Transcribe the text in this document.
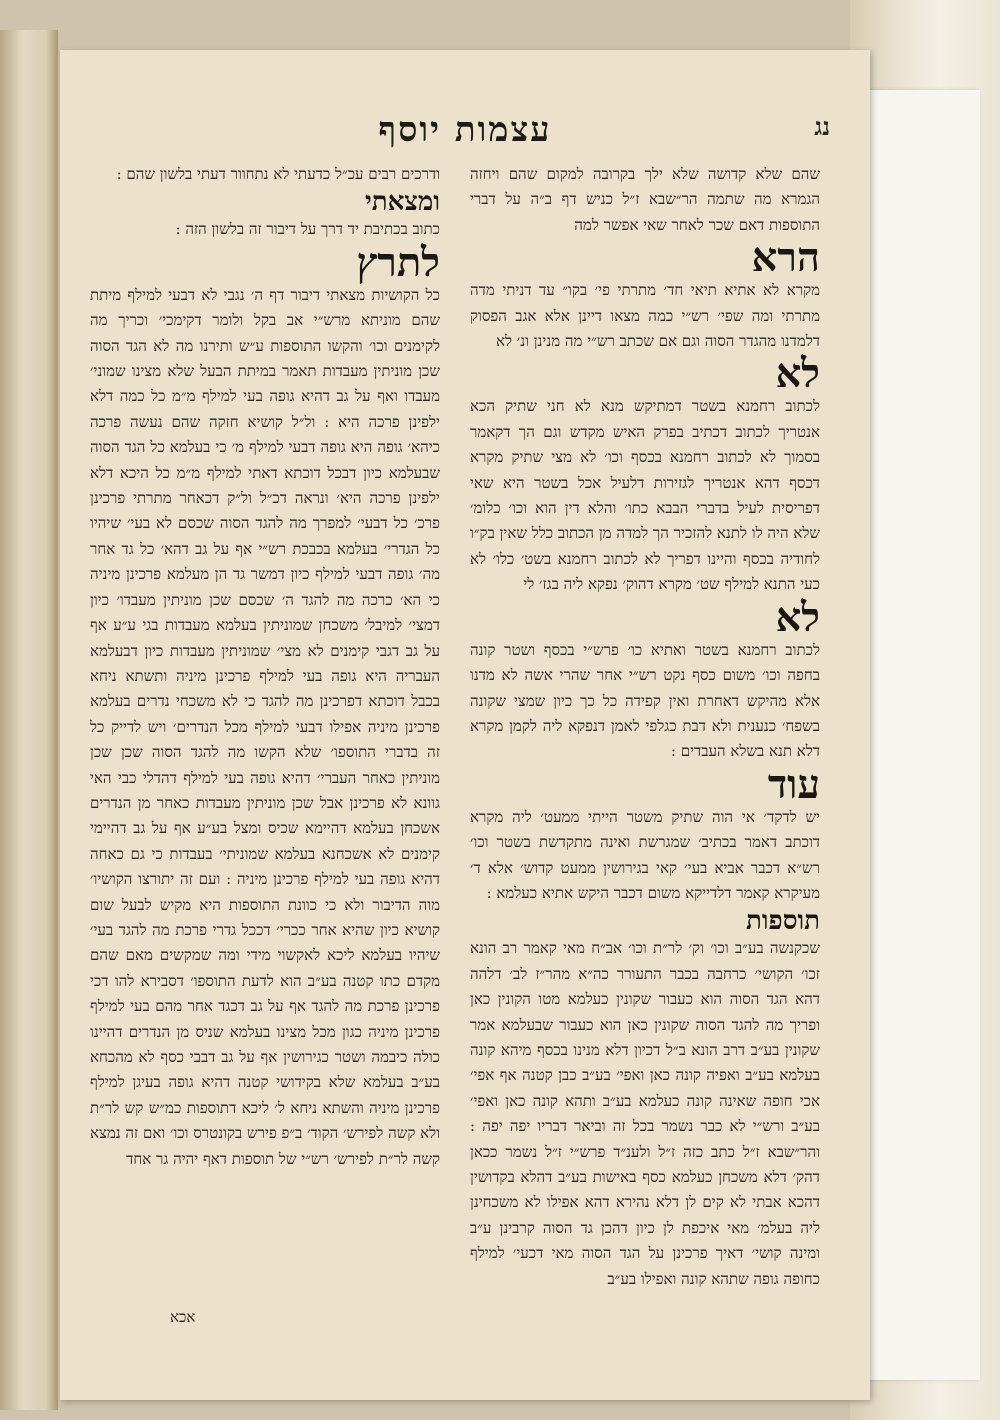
נג
עצמות יוסף

שהם שלא קדושה שלא ילך בקרובה למקום שהם ויחזה הגמרא מה שתמה הר״שבא ז״ל כניש דף ב״ה על דברי התוספות דאם שכר לאחר שאי אפשר למה

הרא

מקרא לא אתיא תיאי חד׳ מתרתי פי׳ בקו״ עד דניתי מדה מתרתי ומה שפי׳ רש״י כמה מצאו דיינן אלא אגב הפסוק דלמדנו מהגדר הסוה וגם אם שכתב רש״י מה מנינן ונ׳ לא

לא

לכתוב רחמנא בשטר דמתיקש מנא לא חני שתיק הכא אנטריך לכתוב דכתיב בפרק האיש מקדש וגם הך דקאמר בסמוך לא לכתוב רחמנא בכסף וכו׳ לא מצי שתיק מקרא דכסף דהא אנטריך לגזירות דלעיל אכל בשטר היא שאי דפריסית לעיל בדברי הבבא כתו׳ והלא דין הוא וכו׳ כלומ׳ שלא היה לו לתנא להזכיר הך למדה מן הכתוב כלל שאין בק״ו לחודיה בכסף והיינו דפריך לא לכתוב רחמנא בשט׳ כלו׳ לא כעי התנא למילף שט׳ מקרא דהוק׳ נפקא ליה בגז׳ לי

לא

לכתוב רחמנא בשטר ואתיא כו׳ פרש״י בכסף ושטר קונה בחפה וכו׳ משום כסף נקט רש״י אחר שהרי אשה לא מדנו אלא מהיקש דאחרת ואין קפידה כל כך כיון שמצי שקונה בשפח׳ כנענית ולא דבת כגלפי לאמן דנפקא ליה לקמן מקרא דלא תנא בשלא העבדים :

עוד

יש לדקד׳ אי הוה שתיק משטר הייתי ממעט׳ ליה מקרא דוכתב דאמר בכתיב׳ שמגרשת ואינה מתקדשת בשטר וכו׳ רש״א דכבר אביא בעי׳ קאי בגירושין ממעט קדוש׳ אלא ד׳ מעיקרא קאמר דלדייקא משום דכבר היקש אתיא כעלמא :

תוספות

שכקנשה בע״ב וכו׳ וק׳ לר״ת וכו׳ אב״ח מאי קאמר רב הונא זכו׳ הקושי׳ כרחבה בכבר התעורר כה״א מהר״ז לב׳ דלהה דהא הגד הסוה הוא כעבור שקונין כעלמא מטו הקונין כאן ופריך מה להגד הסוה שקונין כאן הוא כעבור שבעלמא אמר שקונין בע״ב דרב הונא ב״ל דכיון דלא מנינו בכסף מיהא קונה בעלמא בע״ב ואפיה קונה כאן ואפי׳ בע״ב כבן קטנה אף אפי׳ אכי חופה שאינה קונה כעלמא בע״ב ותהא קונה כאן ואפי׳ בע״ב ורש״י לא כבר נשמר בכל זה וביאר דבריו יפה יפה : והר״שבא ז״ל כתב כזה ז״ל ולענ״ד פרש״י ז״ל נשמר ככאן דהק׳ דלא משכחן כעלמא כסף באישות בע״ב דהלא בקדושין דהכא אבתי לא קים לן דלא נהירא דהא אפילו לא משכחינן ליה בעלמ׳ מאי איכפת לן כיון דהכן גד הסוה קרבינן ע״ב ומינה קושי׳ דאיך פרכינן על הגד הסוה מאי דכעי׳ למילף כחופה גופה שתהא קונה ואפילו בע״ב

ודרכים רבים עכ״ל כדעתי לא נתחוור דעתי בלשון שהם :

ומצאתי

כתוב בכתיבת יד דרך על דיבור זה בלשון הזה :

לתרץ

כל הקושיות מצאתי דיבור דף ה׳ נגבי לא דבעי למילף מיתת שהם מוניתא מרש״י אב בקל ולומר דקימכי׳ וכריך מה לקימנים וכו׳ והקשו התוספות ע״ש ותירנו מה לא הגד הסוה שכן מוניתין מעבדות תאמר במיתת הבעל שלא מצינו שמוני׳ מעבדו ואף על גב דהיא גופה בעי למילף מ״מ כל כמה דלא ילפינן פרכה היא : ול״ל קושיא חזקה שהם נעשה פרכה כיהא׳ גופה היא גופה דבעי למילף מ׳ כי בעלמא כל הגד הסוה שבעלמא כיון דבכל דוכתא דאתי למילף מ״מ כל היכא דלא ילפינן פרכה היא׳ ונראה דכ״ל ול״ק דכאחר מתרתי פרכינן פרכ׳ כל דבעי׳ למפרך מה להגד הסוה שכסם לא בעי׳ שיהיו כל הגדרי׳ בעלמא בכבכת רש״י אף על גב דהא׳ כל גד אחר מה׳ גופה דבעי למילף כיון דמשר גד הן מעלמא פרכינן מיניה כי הא׳ כרכה מה להגד ה׳ שכסם שכן מוניתין מעבדו׳ כיון דמצי׳ למיבל׳ משכחן שמוניתין בעלמא מעבדות בגי ע״ע אף על גב דגבי קימנים לא מצי׳ שמוניתין מעבדות כיון דבעלמא העבריה היא גופה בעי למילף פרכינן מיניה ותשתא ניחא בכבל דוכתא דפרכינן מה להגד כי לא משכחי נדרים בעלמא פרכינן מיניה אפילו דבעי למילף מכל הנדרים׳ ויש לדייק כל זה בדברי התוספו׳ שלא הקשו מה להגד הסוה שכן שכן מוניתין כאחר העברי׳ דהיא גופה בעי למילף דהדלי כבי האי גוונא לא פרכינן אבל שכן מוניתין מעבדות כאחר מן הנדרים אשכחן בעלמא דהיימא שכיס ומצל בע״ע אף על גב דהיימי קימנים לא אשכחנא בעלמא שמוניתי׳ בעבדות כי גם כאחה דהיא גופה בעי למילף פרכינן מיניה : ועם זה יתורצו הקושיו׳ מוה הדיבור ולא כי כוונת התוספות היא מקיש לבעל שום קושיא כיון שהיא אחר ככרי׳ דככל גדרי פרכת מה להגד בעי׳ שיהיו בעלמא ליכא לאקשוי מידי ומה שמקשים מאם שהם מקדם כתו קטנה בע״ב הוא לדעת התוספו׳ דסבירא להו דכי פרכינן פרכת מה להגד אף על גב דכגד אחר מהם בעי למילף פרכינן מיניה כגון מכל מצינו בעלמא שניס מן הנדרים דהיינו כולה כיבמה ושטר כגירושין אף על גב דבבי כסף לא מהכחא בע״ב בעלמא שלא בקידושי קטנה דהיא גופה בעיגן למילף פרכינן מיניה והשתא ניחא ל׳ ליכא דתוספות כמ״ש קש לר״ת ולא קשה לפירש׳ הקוד׳ ב״פ פירש בקונטרס וכו׳ ואם זה נמצא קשה לר״ת לפירש׳ רש״י של תוספות דאף יהיה גר אחד

אכא
